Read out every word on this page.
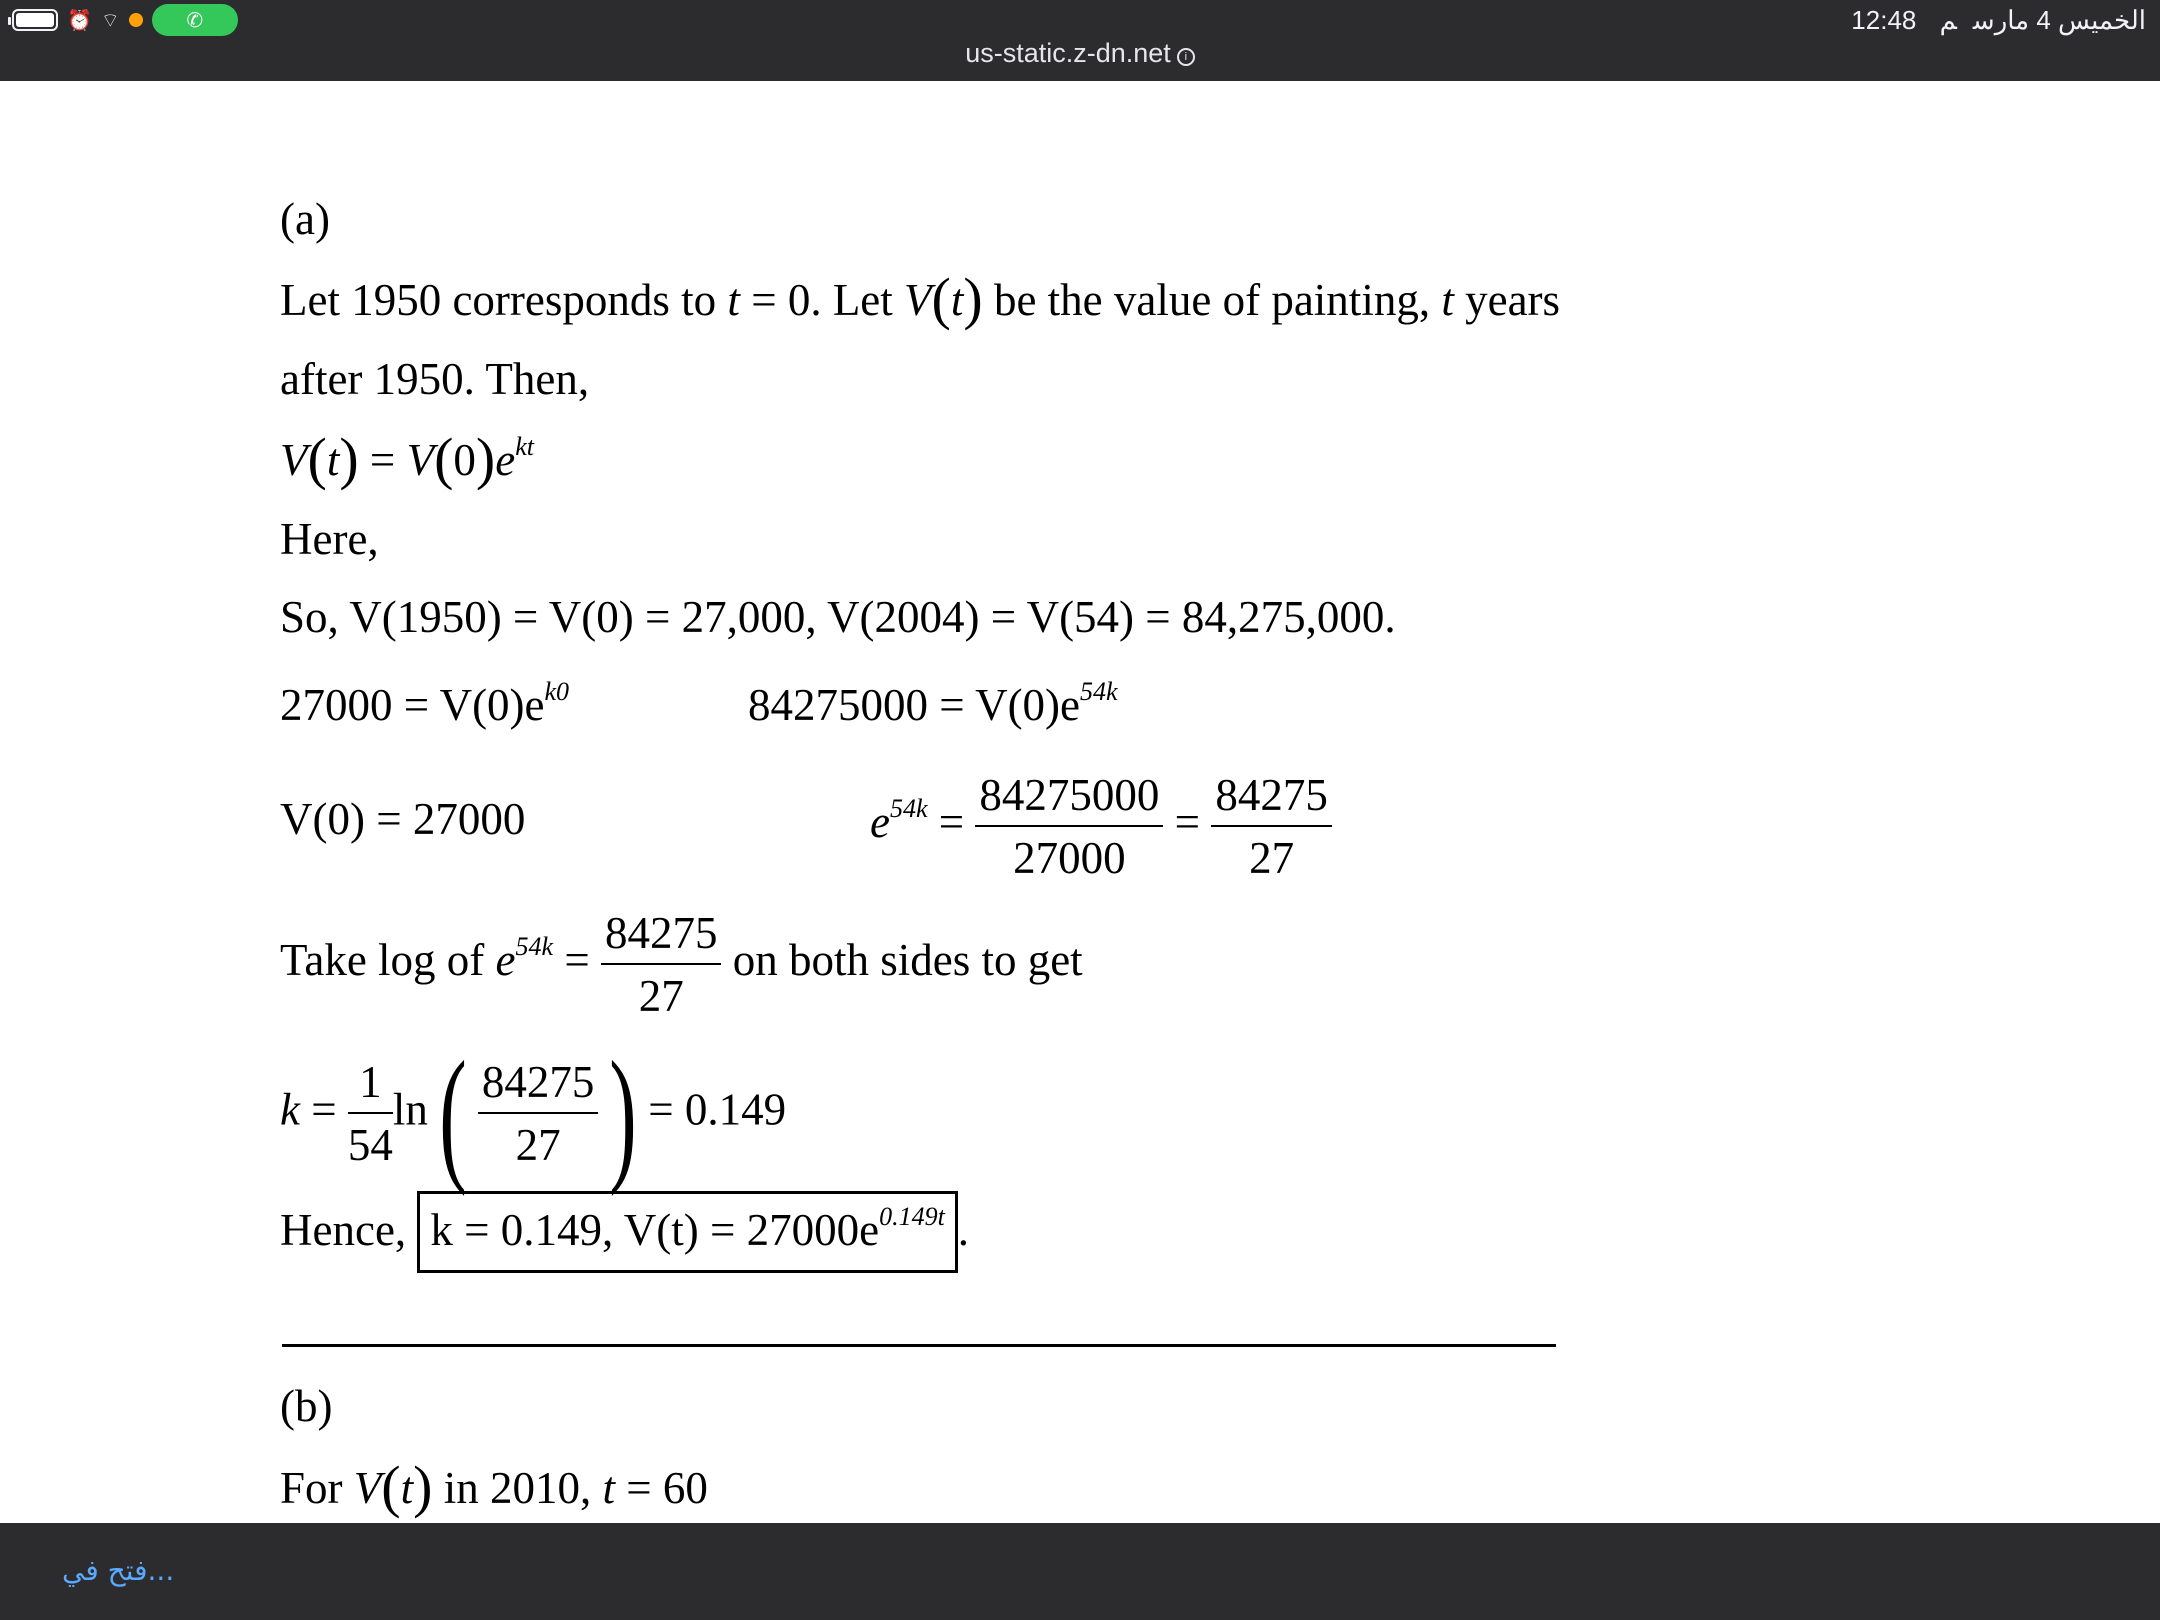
⏰ ⌔	✆	الخميس 4 مارسم 12:48
us-static.z-dn.net i
(a)
Let 1950 corresponds to t = 0. Let V(t) be the value of painting, t years
after 1950. Then,
$V(t) = V(0)e^{kt}$
Here,
So, V(1950) = V(0) = 27,000, V(2004) = V(54) = 84,275,000.
$27000 = V(0)e^{k0}$	$84275000 = V(0)e^{54k}$
V(0) = 27000	$e^{54k} = \frac{84275000}{27000} = \frac{84275}{27}$
Take log of $e^{54k} = \frac{84275}{27}$ on both sides to get
$k = \frac{1}{54} \ln( \frac{84275}{27}$ ) = 0.149
Hence, k = 0.149, $V(t) = 27000e^{0.149t}$ .
(b)
For V(t) in 2010, t = 60
فتح في...
